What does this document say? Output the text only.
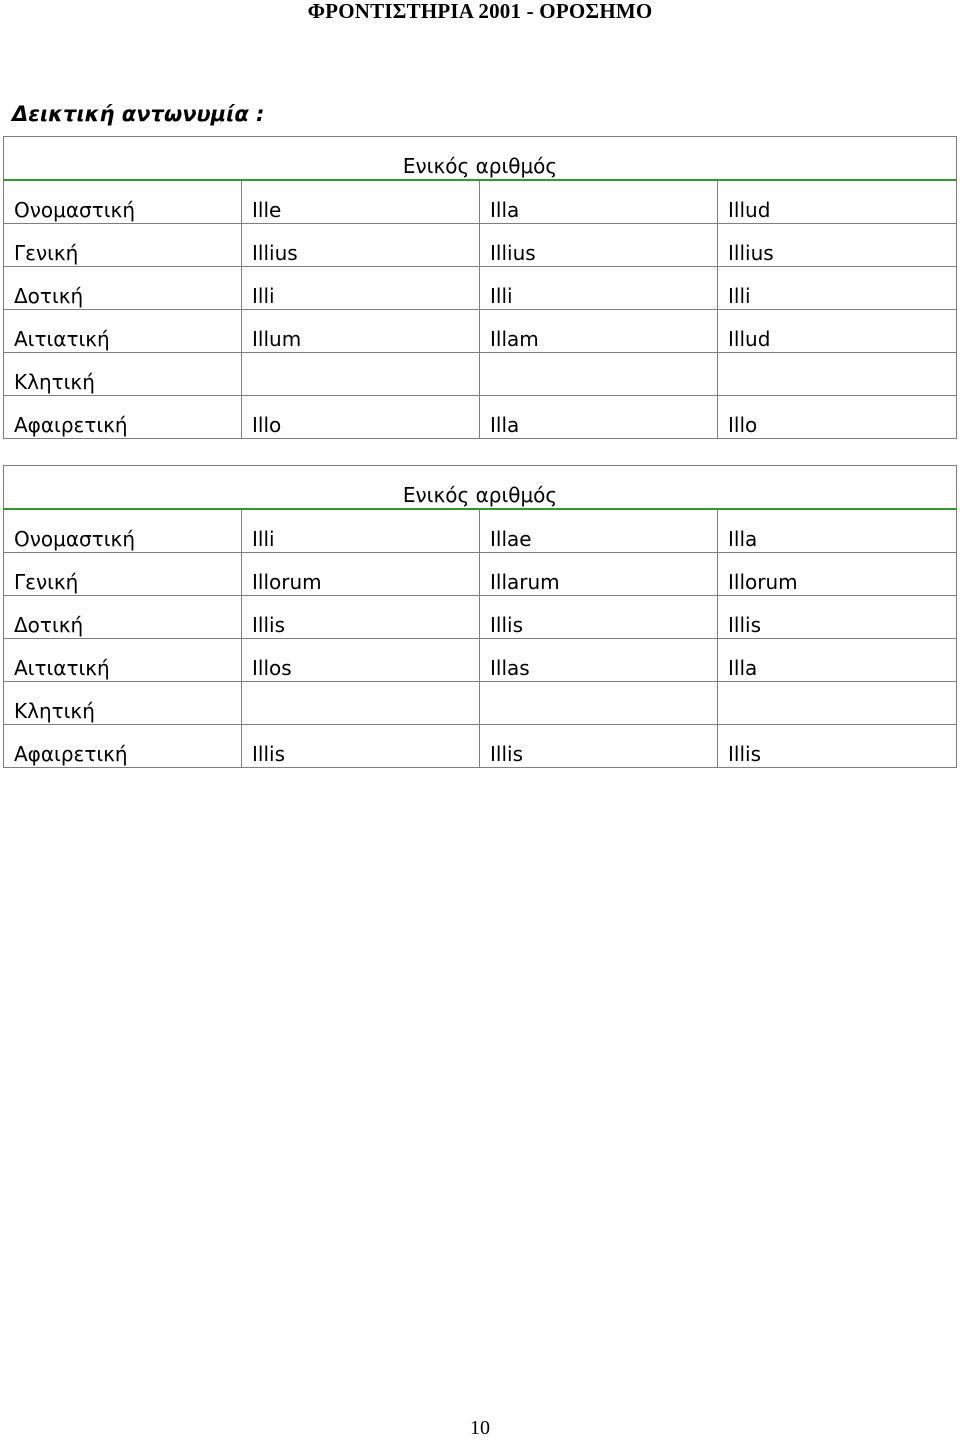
ΦΡΟΝΤΙΣΤΗΡΙΑ 2001 - ΟΡΟΣΗΜΟ
Δεικτική αντωνυμία :
Ενικός αριθμός			
Ονομαστική	Ille	Illa	Illud
Γενική	Illius	Illius	Illius
Δοτική	Illi	Illi	Illi
Αιτιατική	Illum	Illam	Illud
Κλητική			
Αφαιρετική	Illo	Illa	Illo
Ενικός αριθμός			
Ονομαστική	Illi	Illae	Illa
Γενική	Illorum	Illarum	Illorum
Δοτική	Illis	Illis	Illis
Αιτιατική	Illos	Illas	Illa
Κλητική			
Αφαιρετική	Illis	Illis	Illis
10
